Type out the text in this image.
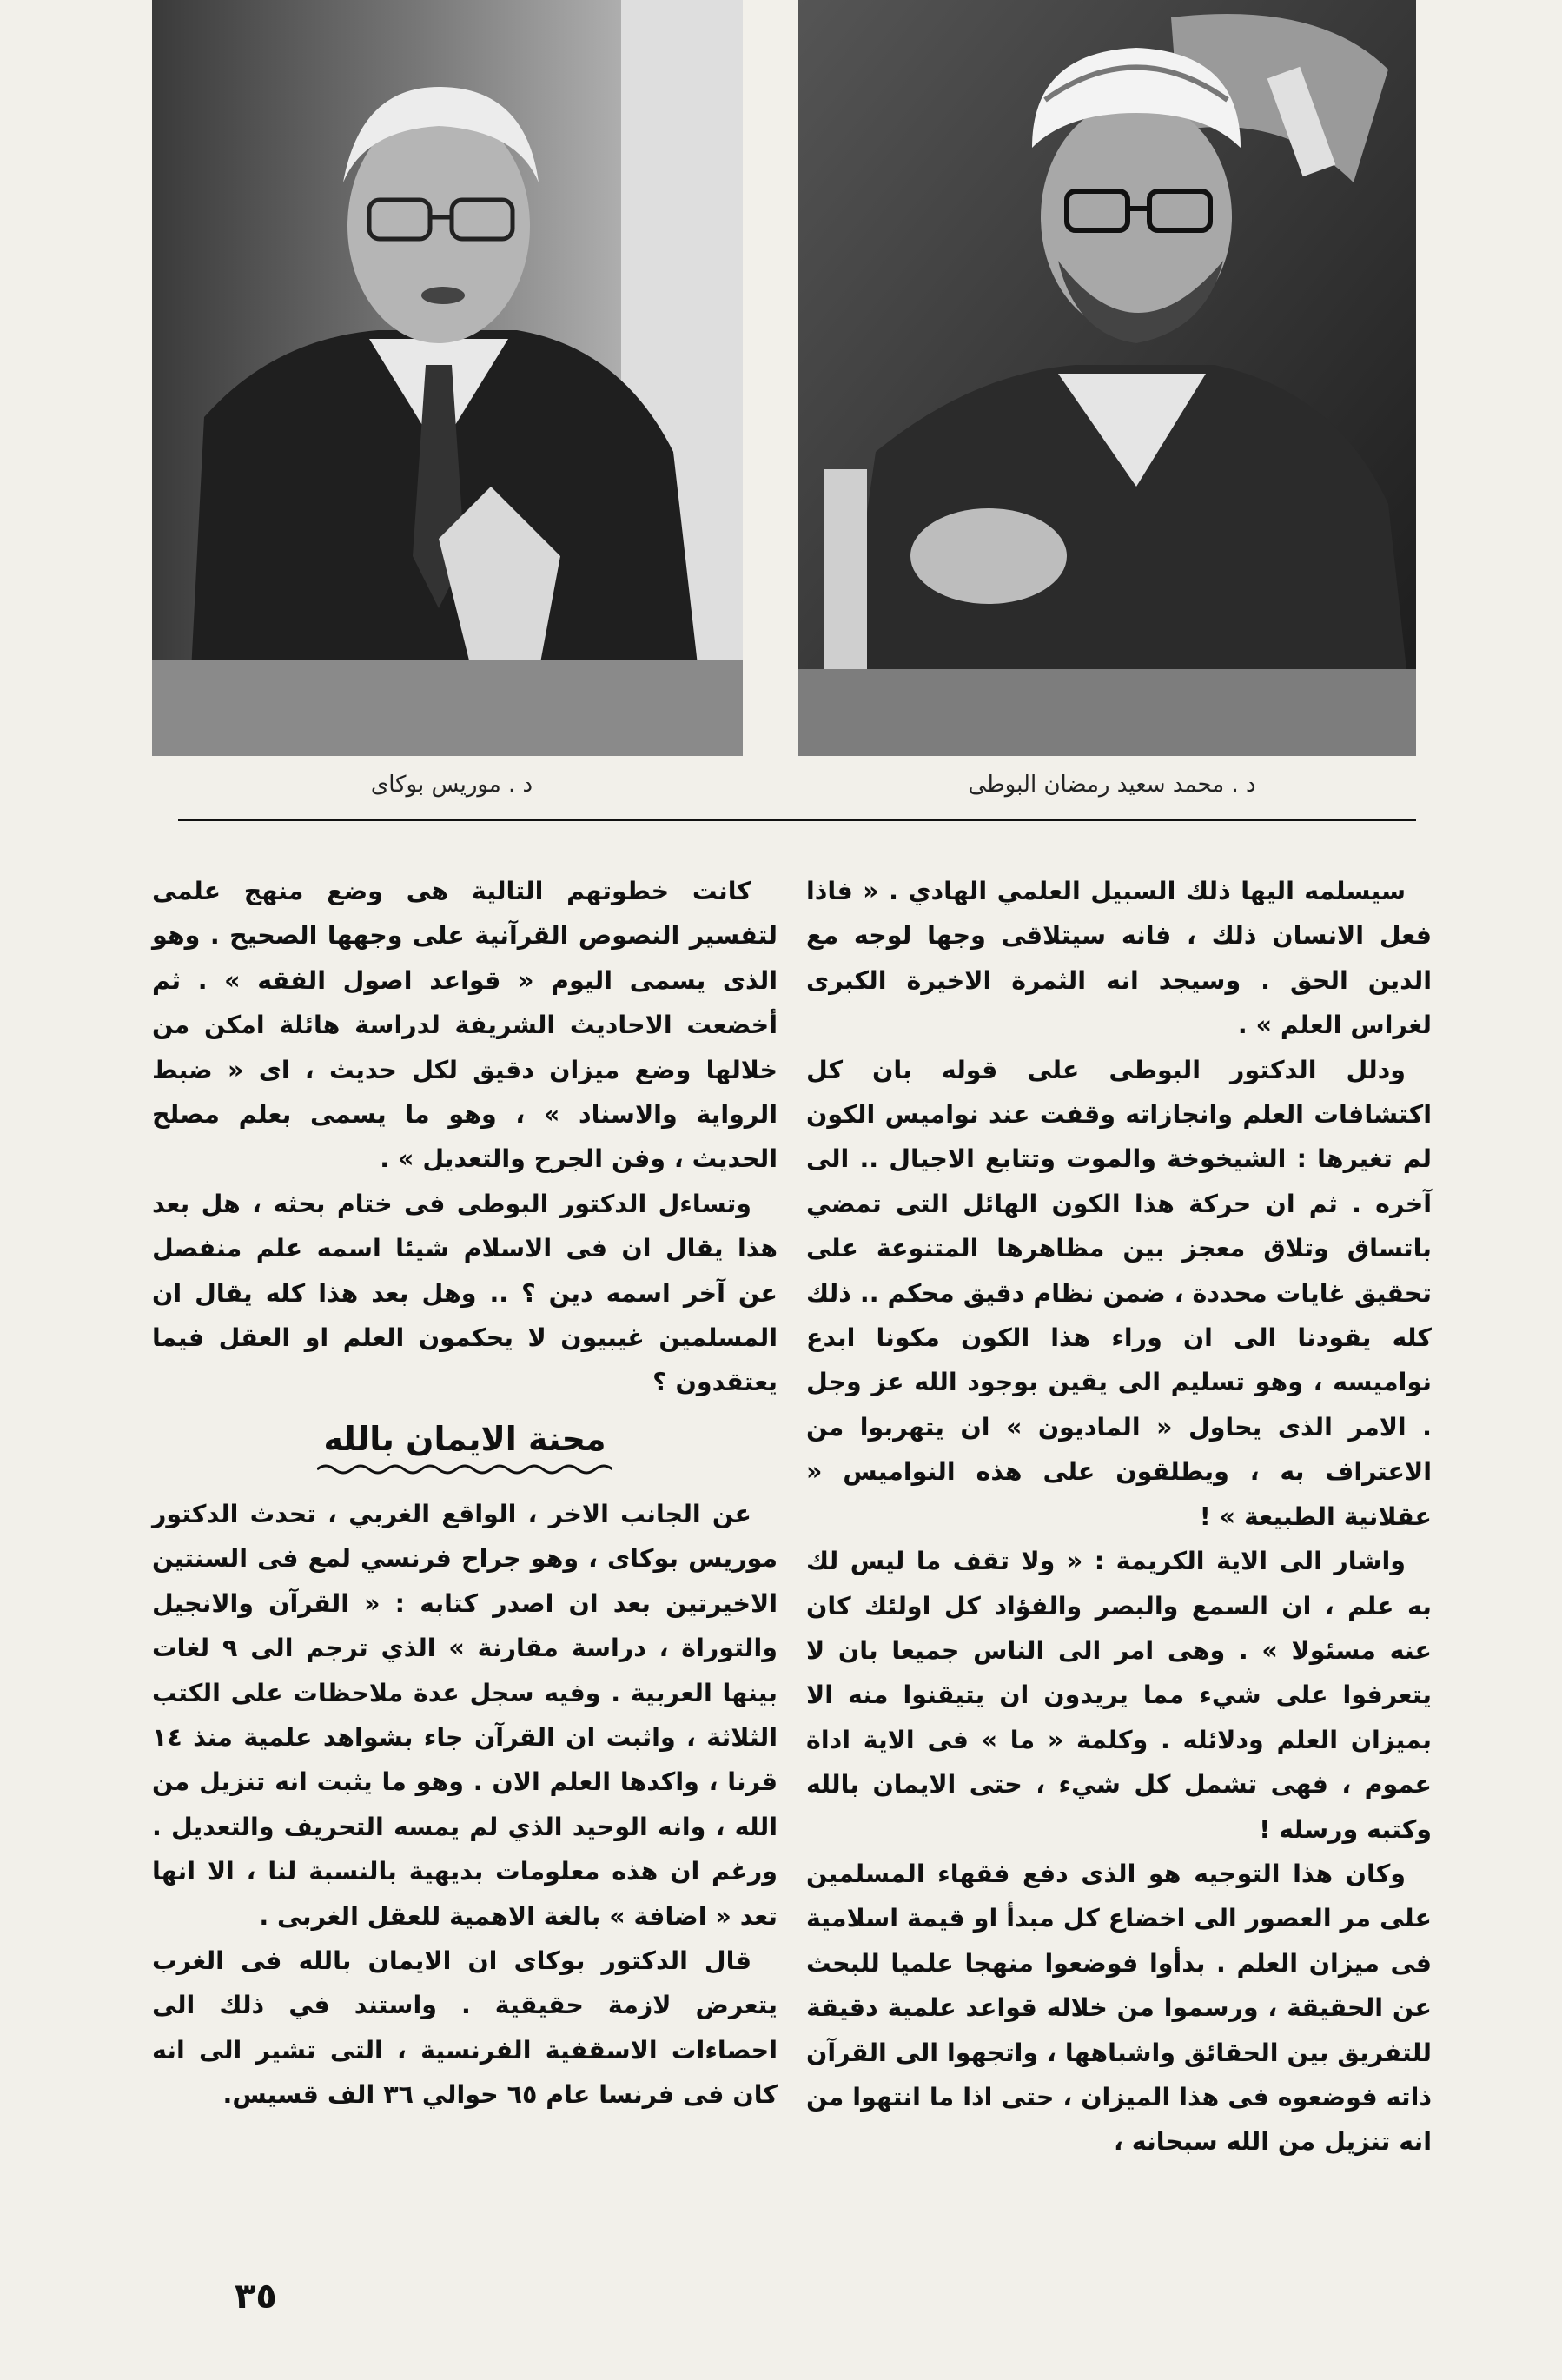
د . موريس بوكاى	د . محمد سعيد رمضان البوطى

سيسلمه اليها ذلك السبيل العلمي الهادي . « فاذا فعل الانسان ذلك ، فانه سيتلاقى وجها لوجه مع الدين الحق . وسيجد انه الثمرة الاخيرة الكبرى لغراس العلم » .

ودلل الدكتور البوطى على قوله بان كل اكتشافات العلم وانجازاته وقفت عند نواميس الكون لم تغيرها : الشيخوخة والموت وتتابع الاجيال .. الى آخره . ثم ان حركة هذا الكون الهائل التى تمضي باتساق وتلاق معجز بين مظاهرها المتنوعة على تحقيق غايات محددة ، ضمن نظام دقيق محكم .. ذلك كله يقودنا الى ان وراء هذا الكون مكونا ابدع نواميسه ، وهو تسليم الى يقين بوجود الله عز وجل . الامر الذى يحاول « الماديون » ان يتهربوا من الاعتراف به ، ويطلقون على هذه النواميس « عقلانية الطبيعة » !

واشار الى الاية الكريمة : « ولا تقف ما ليس لك به علم ، ان السمع والبصر والفؤاد كل اولئك كان عنه مسئولا » . وهى امر الى الناس جميعا بان لا يتعرفوا على شيء مما يريدون ان يتيقنوا منه الا بميزان العلم ودلائله . وكلمة « ما » فى الاية اداة عموم ، فهى تشمل كل شيء ، حتى الايمان بالله وكتبه ورسله !

وكان هذا التوجيه هو الذى دفع فقهاء المسلمين على مر العصور الى اخضاع كل مبدأ او قيمة اسلامية فى ميزان العلم . بدأوا فوضعوا منهجا علميا للبحث عن الحقيقة ، ورسموا من خلاله قواعد علمية دقيقة للتفريق بين الحقائق واشباهها ، واتجهوا الى القرآن ذاته فوضعوه فى هذا الميزان ، حتى اذا ما انتهوا من انه تنزيل من الله سبحانه ،

كانت خطوتهم التالية هى وضع منهج علمى لتفسير النصوص القرآنية على وجهها الصحيح . وهو الذى يسمى اليوم « قواعد اصول الفقه » . ثم أخضعت الاحاديث الشريفة لدراسة هائلة امكن من خلالها وضع ميزان دقيق لكل حديث ، اى « ضبط الرواية والاسناد » ، وهو ما يسمى بعلم مصلح الحديث ، وفن الجرح والتعديل » .

وتساءل الدكتور البوطى فى ختام بحثه ، هل بعد هذا يقال ان فى الاسلام شيئا اسمه علم منفصل عن آخر اسمه دين ؟ .. وهل بعد هذا كله يقال ان المسلمين غيبيون لا يحكمون العلم او العقل فيما يعتقدون ؟

محنة الايمان بالله

عن الجانب الاخر ، الواقع الغربي ، تحدث الدكتور موريس بوكاى ، وهو جراح فرنسي لمع فى السنتين الاخيرتين بعد ان اصدر كتابه : « القرآن والانجيل والتوراة ، دراسة مقارنة » الذي ترجم الى ٩ لغات بينها العربية . وفيه سجل عدة ملاحظات على الكتب الثلاثة ، واثبت ان القرآن جاء بشواهد علمية منذ ١٤ قرنا ، واكدها العلم الان . وهو ما يثبت انه تنزيل من الله ، وانه الوحيد الذي لم يمسه التحريف والتعديل . ورغم ان هذه معلومات بديهية بالنسبة لنا ، الا انها تعد « اضافة » بالغة الاهمية للعقل الغربى .

قال الدكتور بوكاى ان الايمان بالله فى الغرب يتعرض لازمة حقيقية . واستند في ذلك الى احصاءات الاسقفية الفرنسية ، التى تشير الى انه كان فى فرنسا عام ٦٥ حوالي ٣٦ الف قسيس.

٣٥
